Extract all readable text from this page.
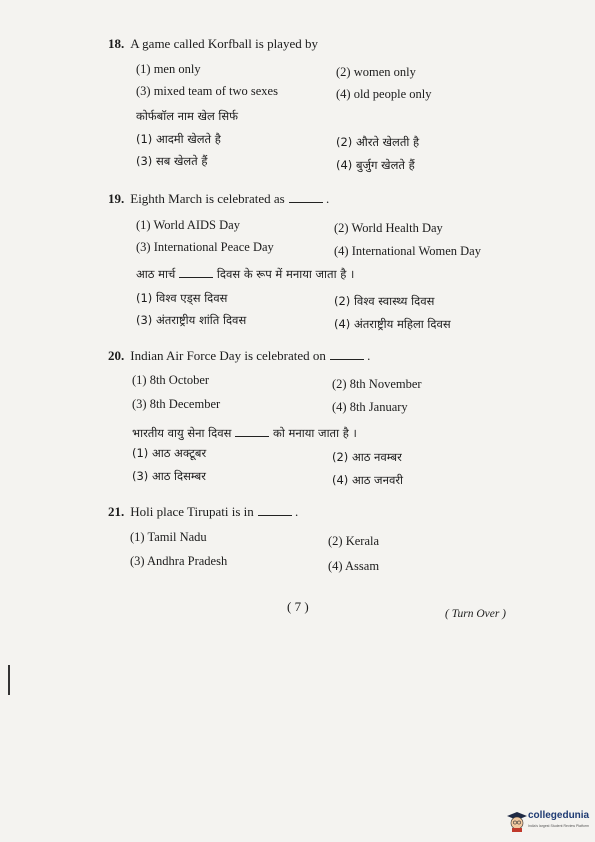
18. A game called Korfball is played by
(1) men only	(2) women only
(3) mixed team of two sexes	(4) old people only
कोर्फबॉल नाम खेल सिर्फ
(1) आदमी खेलते है	(2) औरते खेलती है
(3) सब खेलते हैं	(4) बुर्जुग खेलते हैं
19. Eighth March is celebrated as	.
(1) World AIDS Day	(2) World Health Day
(3) International Peace Day	(4) International Women Day
आठ मार्च	दिवस के रूप में मनाया जाता है ।
(1) विश्व एड्स दिवस	(2) विश्व स्वास्थ्य दिवस
(3) अंतराष्ट्रीय शांति दिवस	(4) अंतराष्ट्रीय महिला दिवस
20. Indian Air Force Day is celebrated on	.
(1) 8th October	(2) 8th November
(3) 8th December	(4) 8th January
भारतीय वायु सेना दिवस	को मनाया जाता है ।
(1) आठ अक्टूबर	(2) आठ नवम्बर
(3) आठ दिसम्बर	(4) आठ जनवरी
21. Holi place Tirupati is in	.
(1) Tamil Nadu	(2) Kerala
(3) Andhra Pradesh	(4) Assam
( 7 )	( Turn Over )
collegedunia
India's largest Student Review Platform
